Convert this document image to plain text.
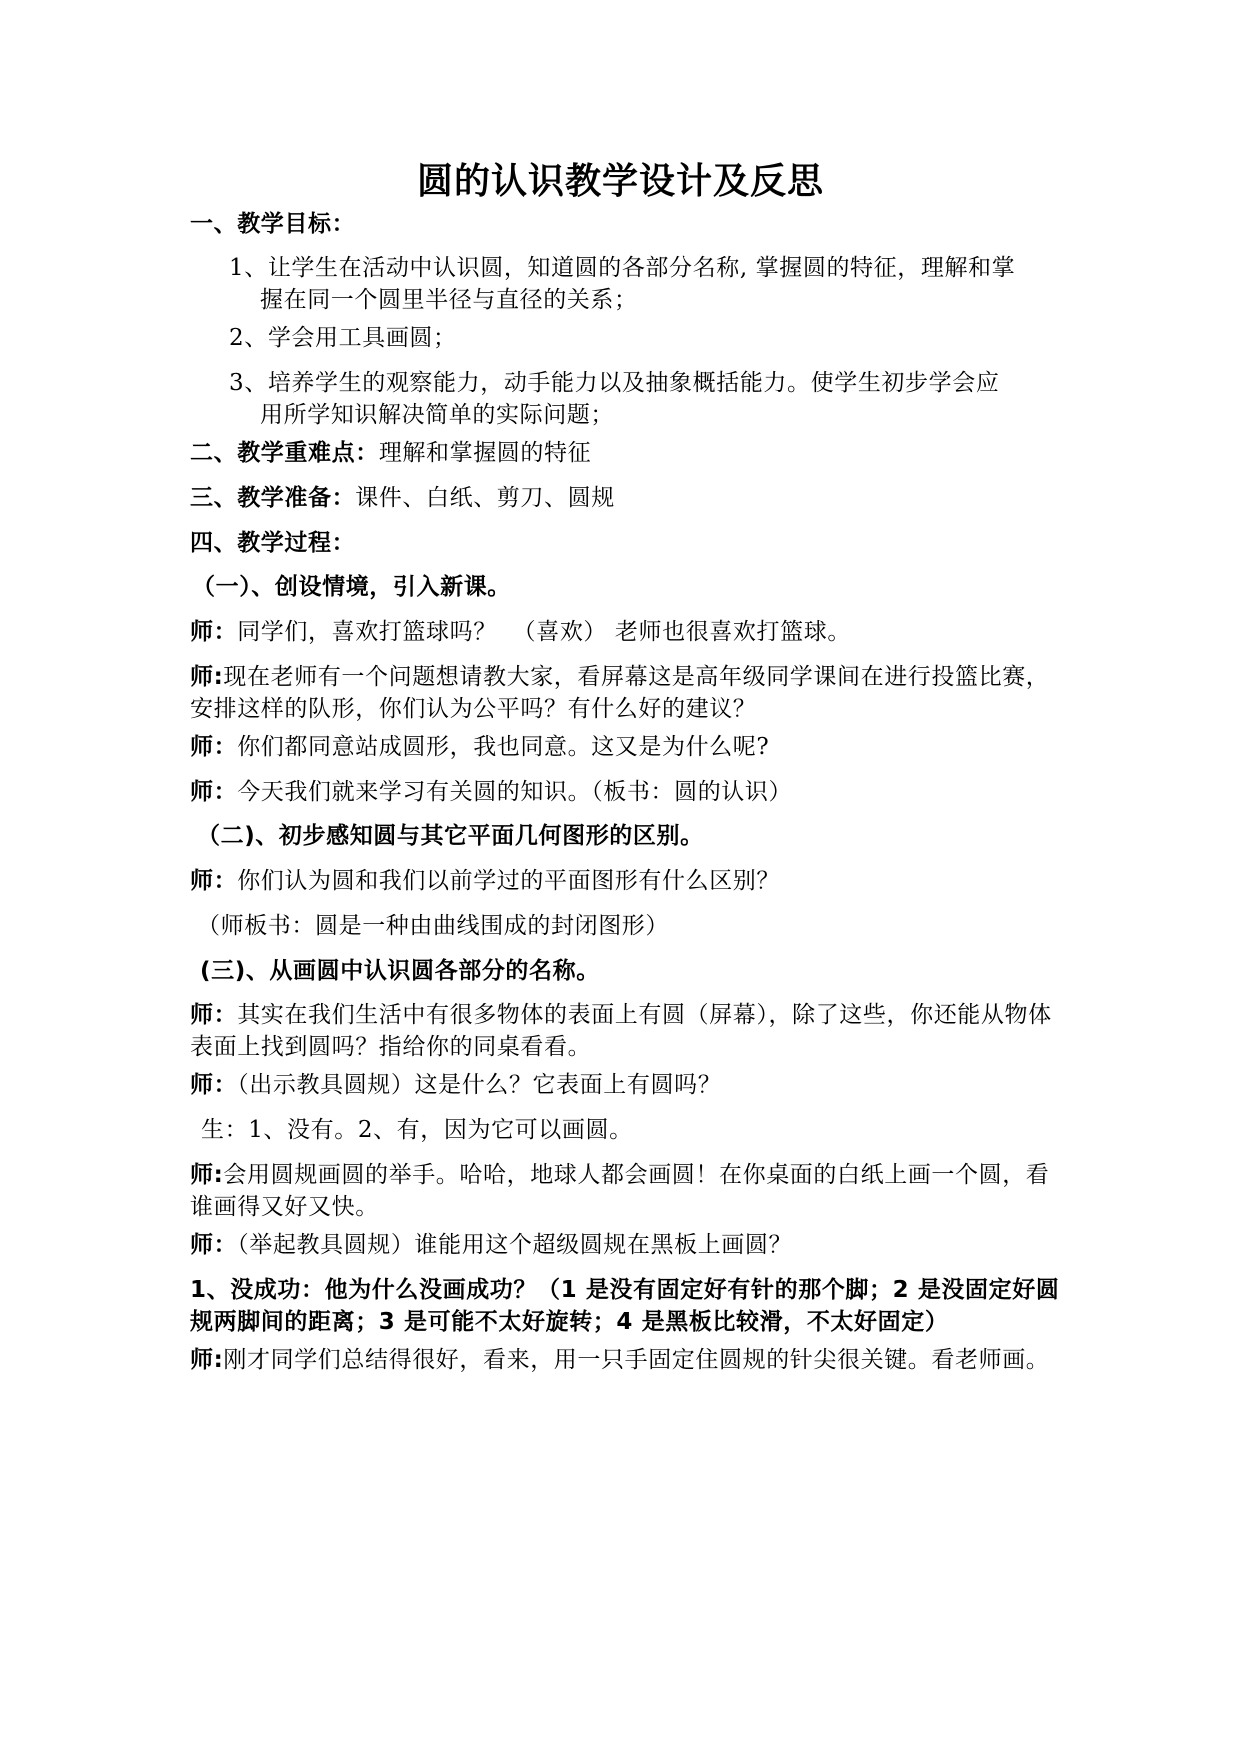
圆的认识教学设计及反思
一、教学目标：
1、让学生在活动中认识圆，知道圆的各部分名称, 掌握圆的特征，理解和掌
握在同一个圆里半径与直径的关系；
2、学会用工具画圆；
3、培养学生的观察能力，动手能力以及抽象概括能力。使学生初步学会应
用所学知识解决简单的实际问题；
二、教学重难点：理解和掌握圆的特征
三、教学准备：课件、白纸、剪刀、圆规
四、教学过程：
（一）、创设情境，引入新课。
师：同学们，喜欢打篮球吗？  （喜欢） 老师也很喜欢打篮球。
师:现在老师有一个问题想请教大家，看屏幕这是高年级同学课间在进行投篮比赛，安排这样的队形，你们认为公平吗？有什么好的建议？
师：你们都同意站成圆形，我也同意。这又是为什么呢?
师：今天我们就来学习有关圆的知识。（板书：圆的认识）
（二)、初步感知圆与其它平面几何图形的区别。
师：你们认为圆和我们以前学过的平面图形有什么区别？
（师板书：圆是一种由曲线围成的封闭图形）
(三)、从画圆中认识圆各部分的名称。
师：其实在我们生活中有很多物体的表面上有圆（屏幕），除了这些，你还能从物体表面上找到圆吗？指给你的同桌看看。
师：（出示教具圆规）这是什么？它表面上有圆吗？
生：1、没有。2、有，因为它可以画圆。
师:会用圆规画圆的举手。哈哈，地球人都会画圆！在你桌面的白纸上画一个圆，看谁画得又好又快。
师：（举起教具圆规）谁能用这个超级圆规在黑板上画圆？
1、没成功：他为什么没画成功？（1 是没有固定好有针的那个脚；2 是没固定好圆规两脚间的距离；3 是可能不太好旋转；4 是黑板比较滑，不太好固定）
师:刚才同学们总结得很好，看来，用一只手固定住圆规的针尖很关键。看老师画。
